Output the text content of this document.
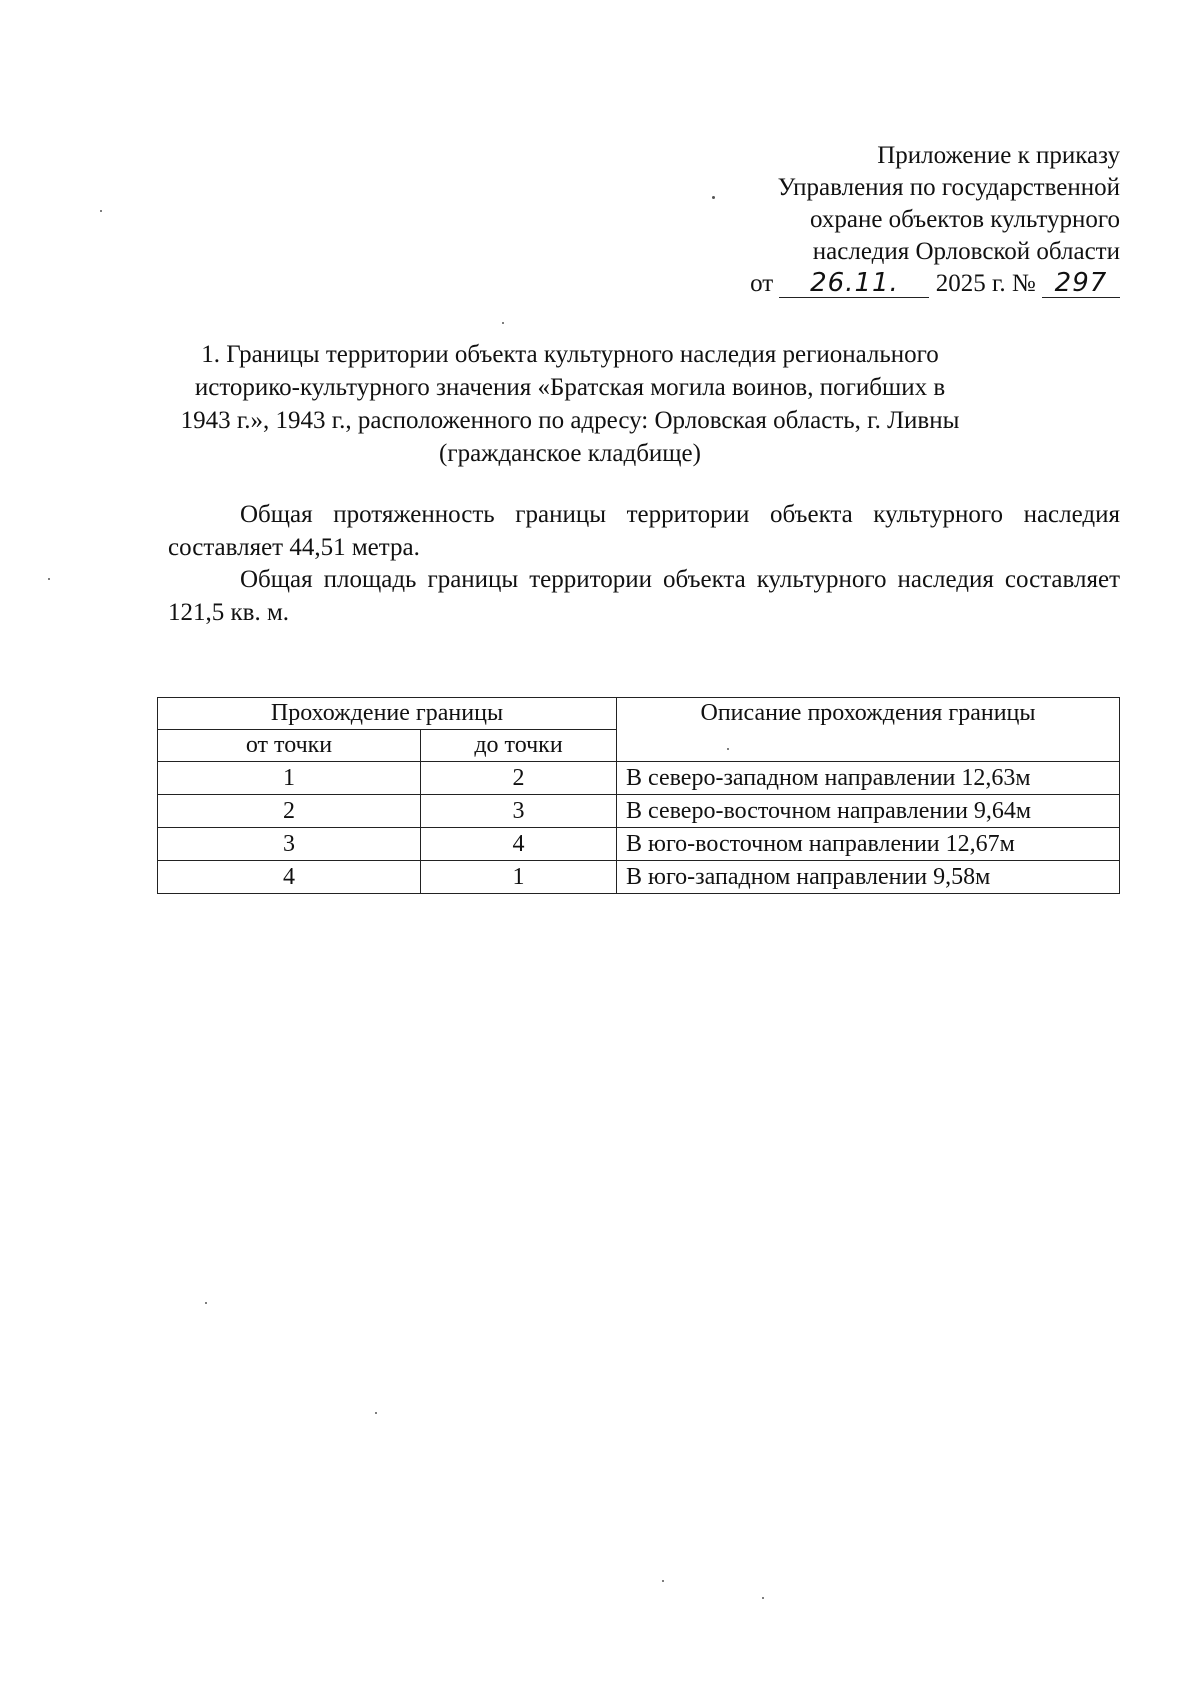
Приложение к приказу
Управления по государственной
охране объектов культурного
наследия Орловской области
от 26.11. 2025 г. № 297
1. Границы территории объекта культурного наследия регионального
историко-культурного значения «Братская могила воинов, погибших в
1943 г.», 1943 г., расположенного по адресу: Орловская область, г. Ливны
(гражданское кладбище)
Общая протяженность границы территории объекта культурного наследия составляет 44,51 метра.
Общая площадь границы территории объекта культурного наследия составляет 121,5 кв. м.
Прохождение границы		Описание прохождения границы
от точки	до точки	
1	2	В северо-западном направлении 12,63м
2	3	В северо-восточном направлении 9,64м
3	4	В юго-восточном направлении 12,67м
4	1	В юго-западном направлении 9,58м
